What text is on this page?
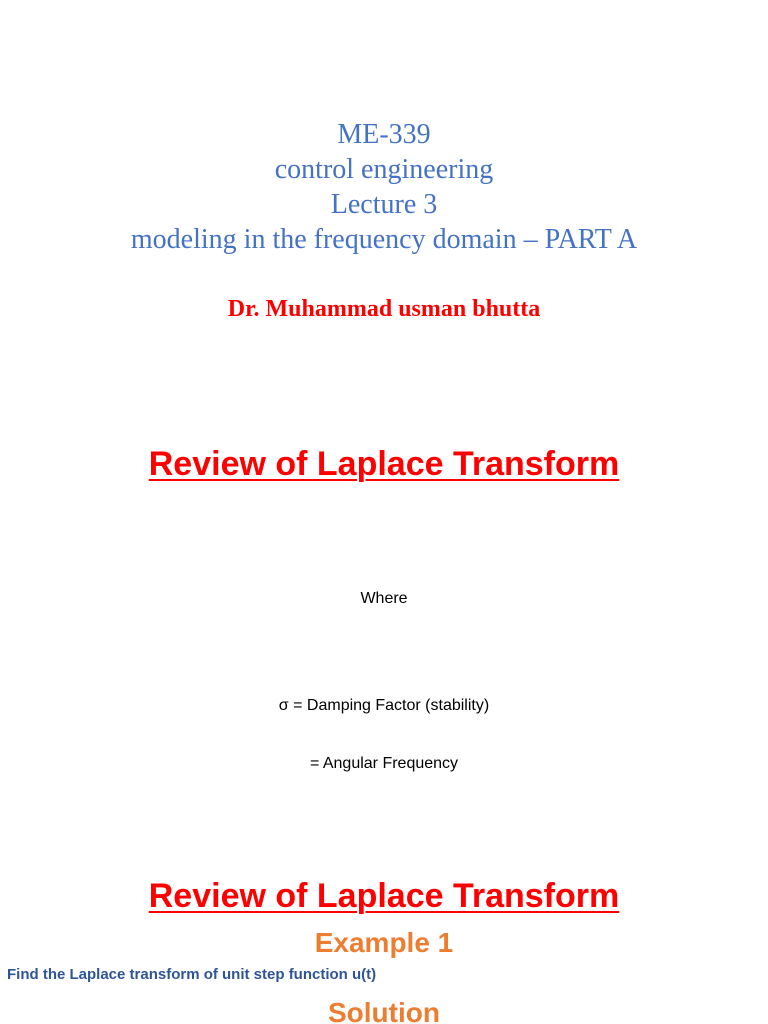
ME-339
control engineering
Lecture 3
modeling in the frequency domain – PART A
Dr. Muhammad usman bhutta
Review of Laplace Transform
Where
σ = Damping Factor (stability)
= Angular Frequency
Review of Laplace Transform
Example 1
Find the Laplace transform of unit step function u(t)
Solution
